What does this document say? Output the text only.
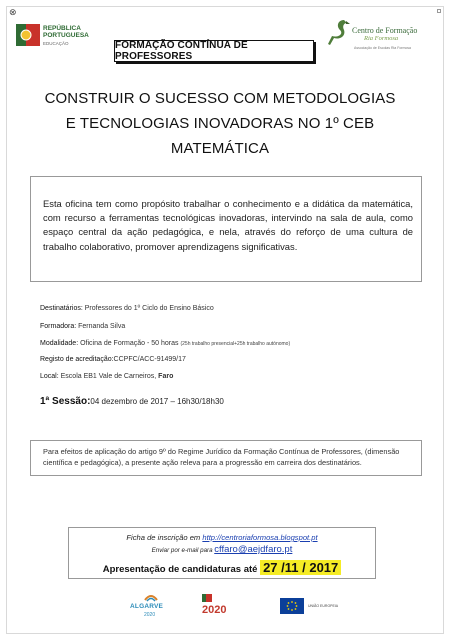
⊗
REPÚBLICA
PORTUGUESA
EDUCAÇÃO
Centro de Formação
Ria Formosa
Associação de Escolas Ria Formosa
FORMAÇÃO CONTÍNUA DE PROFESSORES
CONSTRUIR O SUCESSO COM METODOLOGIAS
E TECNOLOGIAS INOVADORAS NO 1º CEB
MATEMÁTICA

Esta oficina tem como propósito trabalhar o conhecimento e a didática da matemática, com recurso a ferramentas tecnológicas inovadoras, intervindo na sala de aula, como espaço central da ação pedagógica, e nela, através do reforço de uma cultura de trabalho colaborativo, promover aprendizagens significativas.

Destinatários: Professores do 1º Ciclo do Ensino Básico
Formadora: Fernanda Silva
Modalidade: Oficina de Formação - 50 horas (25h trabalho presencial+25h trabalho autónomo)
Registo de acreditação:CCPFC/ACC-91499/17
Local: Escola EB1 Vale de Carneiros, Faro
1ª Sessão:04 dezembro de 2017 – 16h30/18h30

Para efeitos de aplicação do artigo 9º do Regime Jurídico da Formação Contínua de Professores, (dimensão científica e pedagógica), a presente ação releva para a progressão em carreira dos destinatários.

Ficha de inscrição em http://centroriaformosa.blogspot.pt
Enviar por e-mail para cffaro@aejdfaro.pt
Apresentação de candidaturas até 27 /11 / 2017
ALGARVE
2020	2020	UNIÃO EUROPEIA
